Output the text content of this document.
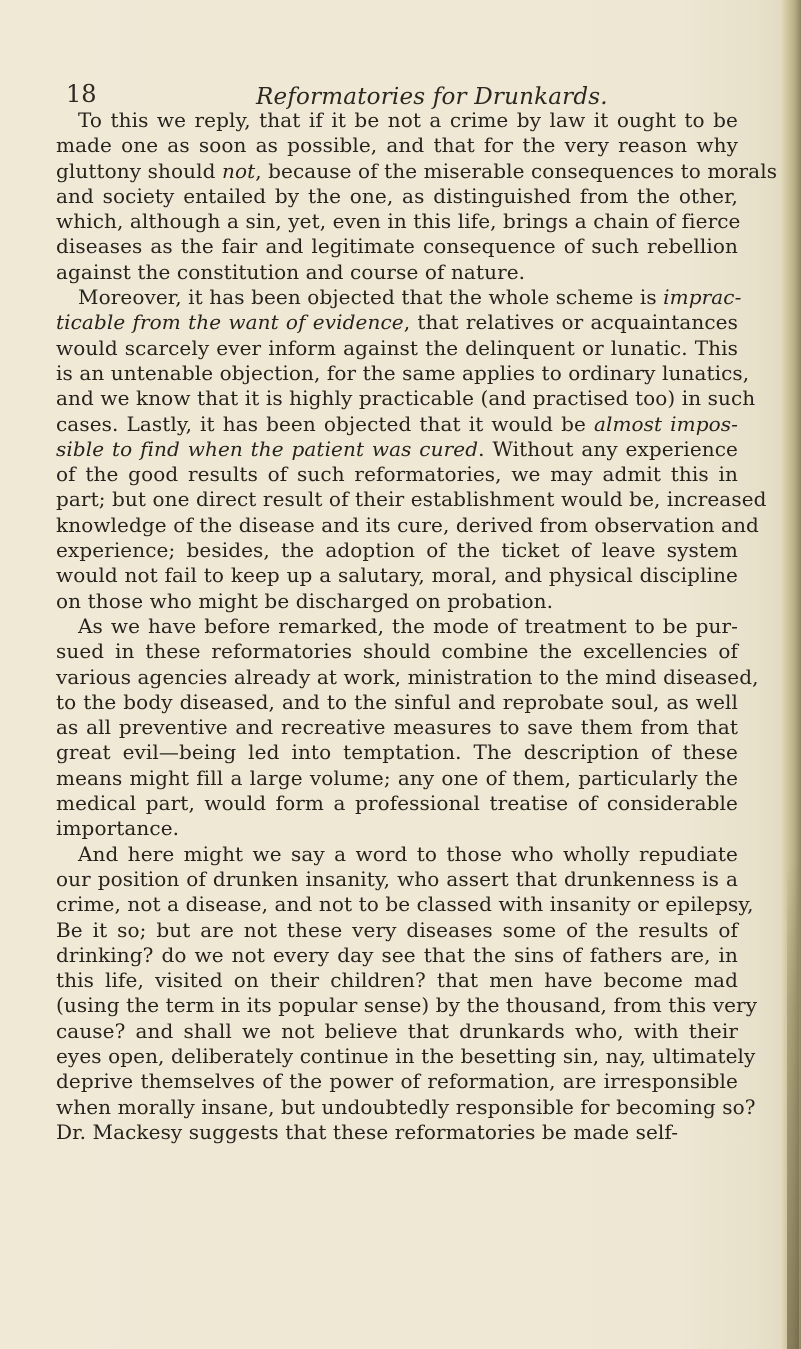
18	Reformatories for Drunkards.
To this we reply, that if it be not a crime by law it ought to be
made one as soon as possible, and that for the very reason why
gluttony should not, because of the miserable consequences to morals
and society entailed by the one, as distinguished from the other,
which, although a sin, yet, even in this life, brings a chain of fierce
diseases as the fair and legitimate consequence of such rebellion
against the constitution and course of nature.
Moreover, it has been objected that the whole scheme is imprac-
ticable from the want of evidence, that relatives or acquaintances
would scarcely ever inform against the delinquent or lunatic. This
is an untenable objection, for the same applies to ordinary lunatics,
and we know that it is highly practicable (and practised too) in such
cases. Lastly, it has been objected that it would be almost impos-
sible to find when the patient was cured. Without any experience
of the good results of such reformatories, we may admit this in
part; but one direct result of their establishment would be, increased
knowledge of the disease and its cure, derived from observation and
experience; besides, the adoption of the ticket of leave system
would not fail to keep up a salutary, moral, and physical discipline
on those who might be discharged on probation.
As we have before remarked, the mode of treatment to be pur-
sued in these reformatories should combine the excellencies of
various agencies already at work, ministration to the mind diseased,
to the body diseased, and to the sinful and reprobate soul, as well
as all preventive and recreative measures to save them from that
great evil—being led into temptation. The description of these
means might fill a large volume; any one of them, particularly the
medical part, would form a professional treatise of considerable
importance.
And here might we say a word to those who wholly repudiate
our position of drunken insanity, who assert that drunkenness is a
crime, not a disease, and not to be classed with insanity or epilepsy,
Be it so; but are not these very diseases some of the results of
drinking? do we not every day see that the sins of fathers are, in
this life, visited on their children? that men have become mad
(using the term in its popular sense) by the thousand, from this very
cause? and shall we not believe that drunkards who, with their
eyes open, deliberately continue in the besetting sin, nay, ultimately
deprive themselves of the power of reformation, are irresponsible
when morally insane, but undoubtedly responsible for becoming so?
Dr. Mackesy suggests that these reformatories be made self-
